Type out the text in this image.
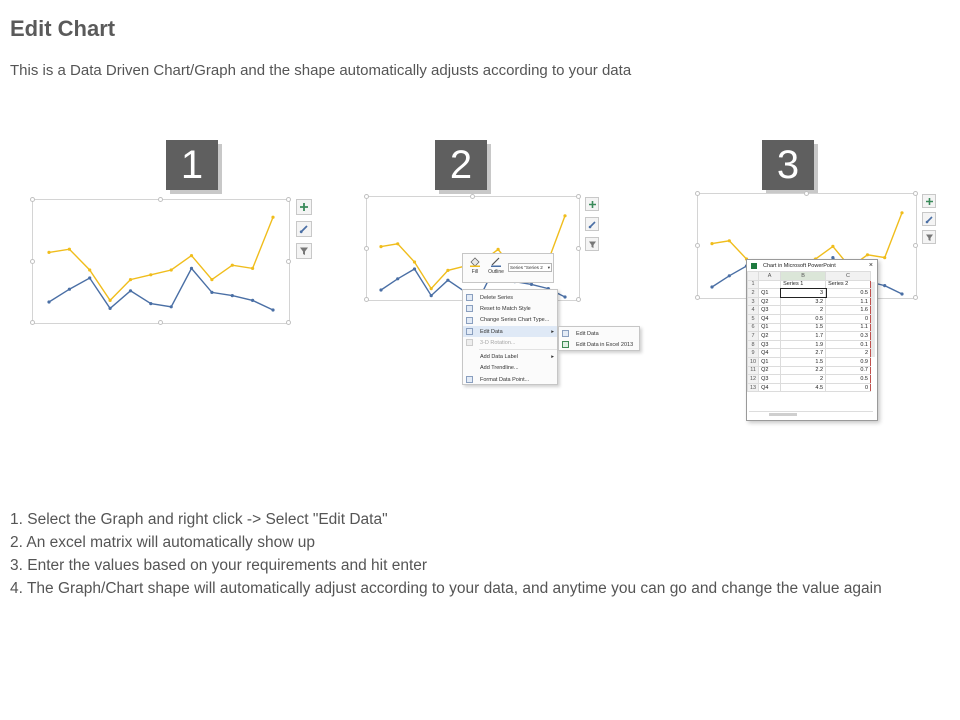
Edit Chart
This is a Data Driven Chart/Graph and the shape automatically adjusts according to your data
1	2	3
Fill	Outline
Series "Series 2 ▾
Delete Series
Reset to Match Style
Change Series Chart Type...
Edit Data	▸
3-D Rotation...
Add Data Label	▸
Add Trendline...
Format Data Point...
Edit Data
Edit Data in Excel 2013
Chart in Microsoft PowerPoint	×
	A	B	C
1		Series 1	Series 2
2	Q1	3	0.5
3	Q2	3.2	1.1
4	Q3	2	1.6
5	Q4	0.5	0
6	Q1	1.5	1.1
7	Q2	1.7	0.3
8	Q3	1.9	0.1
9	Q4	2.7	2
10	Q1	1.5	0.9
11	Q2	2.2	0.7
12	Q3	2	0.5
13	Q4	4.5	0
1. Select the Graph and right click -> Select "Edit Data"
2. An excel matrix will automatically show up
3. Enter the values based on your requirements and hit enter
4. The Graph/Chart shape will automatically adjust according to your data, and anytime you can go and change the value again
